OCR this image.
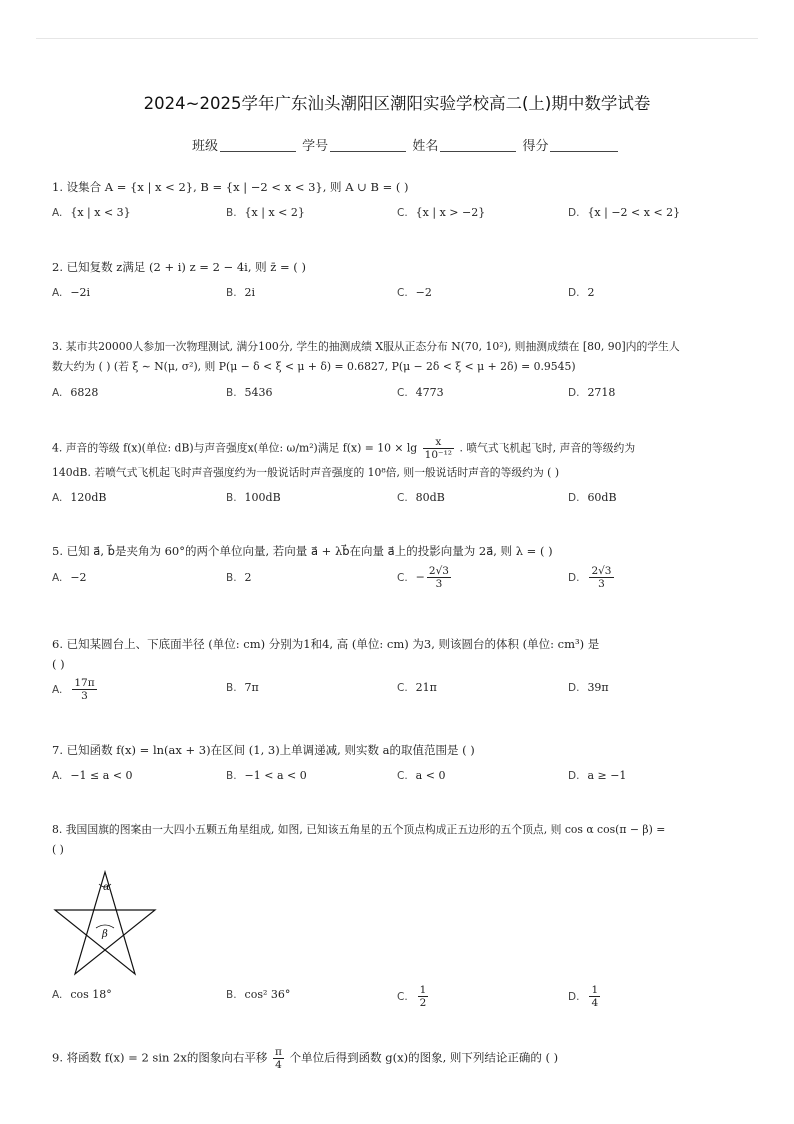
2024~2025学年广东汕头潮阳区潮阳实验学校高二(上)期中数学试卷
班级	学号	姓名	得分
1. 设集合 A = {x | x < 2}, B = {x | −2 < x < 3}, 则 A ∪ B = ( )
A. {x | x < 3}	B. {x | x < 2}	C. {x | x > −2}	D. {x | −2 < x < 2}
2. 已知复数 z满足 (2 + i) z = 2 − 4i, 则 z̄ = ( )
A. −2i	B. 2i	C. −2	D. 2
3. 某市共20000人参加一次物理测试, 满分100分, 学生的抽测成绩 X服从正态分布 N(70, 10²), 则抽测成绩在 [80, 90]内的学生人
数大约为 ( ) (若 ξ ∼ N(μ, σ²), 则 P(μ − δ < ξ < μ + δ) = 0.6827, P(μ − 2δ < ξ < μ + 2δ) = 0.9545)
A. 6828	B. 5436	C. 4773	D. 2718
4. 声音的等级 f(x)(单位: dB)与声音强度x(单位: ω/m²)满足 $f(x) = 10 \times \lg \frac{x}{\text{10⁻¹²}}$ . 喷气式飞机起飞时, 声音的等级约为
140dB. 若喷气式飞机起飞时声音强度约为一般说话时声音强度的 10⁸倍, 则一般说话时声音的等级约为 ( )
A. 120dB	B. 100dB	C. 80dB	D. 60dB
5. 已知 a⃗, b⃗是夹角为 60°的两个单位向量, 若向量 a⃗ + λb⃗在向量 a⃗上的投影向量为 2a⃗, 则 λ = ( )
A. −2	B. 2	C. − $\frac{2√3}{3}$	D. $\frac{2√3}{3}$
6. 已知某圆台上、下底面半径 (单位: cm) 分别为1和4, 高 (单位: cm) 为3, 则该圆台的体积 (单位: cm³) 是
( )
A. $\frac{17\pi}{3}$	B. 7π	C. 21π	D. 39π
7. 已知函数 f(x) = ln(ax + 3)在区间 (1, 3)上单调递减, 则实数 a的取值范围是 ( )
A. −1 ≤ a < 0	B. −1 < a < 0	C. a < 0	D. a ≥ −1
8. 我国国旗的图案由一大四小五颗五角星组成, 如图, 已知该五角星的五个顶点构成正五边形的五个顶点, 则 cos α cos(π − β) =
( )
α
β
A. cos 18°	B. cos² 36°	C. $\frac{1}{2}$	D. $\frac{1}{4}$
9. 将函数 f(x) = 2 sin 2x的图象向右平移 $\frac{\pi}{4}$ 个单位后得到函数 g(x)的图象, 则下列结论正确的 ( )
